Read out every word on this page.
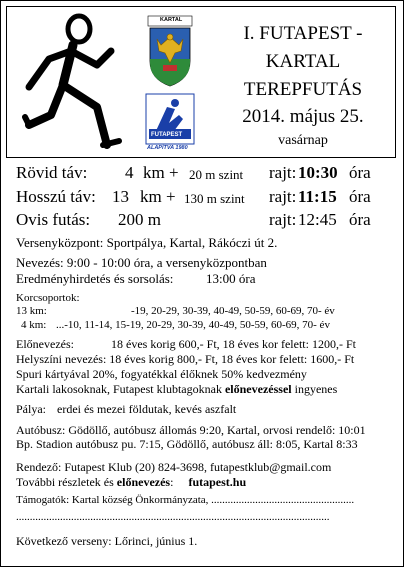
KARTAL
FUTAPEST
ALAPÍTVA 1980
I. FUTAPEST -
KARTAL
TEREPFUTÁS
2014. május 25.
vasárnap
Rövid táv: 4 km + 20 m szint rajt: 10:30 óra
Hosszú táv: 13 km + 130 m szint rajt: 11:15 óra
Ovis futás: 200 m	rajt: 12:45 óra
Versenyközpont: Sportpálya, Kartal, Rákóczi út 2.
Nevezés: 9:00 - 10:00 óra, a versenyközpontban
Eredményhirdetés és sorsolás:	13:00 óra
Korcsoportok:
13 km:	-19, 20-29, 30-39, 40-49, 50-59, 60-69, 70- év
4 km: ...-10, 11-14, 15-19, 20-29, 30-39, 40-49, 50-59, 60-69, 70- év
Előnevezés:	18 éves korig 600,- Ft, 18 éves kor felett: 1200,- Ft
Helyszíni nevezés: 18 éves korig 800,- Ft, 18 éves kor felett: 1600,- Ft
Spuri kártyával 20%, fogyatékkal élőknek 50% kedvezmény
Kartali lakosoknak, Futapest klubtagoknak előnevezéssel ingyenes
Pálya: erdei és mezei földutak, kevés aszfalt
Autóbusz: Gödöllő, autóbusz állomás 9:20, Kartal, orvosi rendelő: 10:01
Bp. Stadion autóbusz pu. 7:15, Gödöllő, autóbusz áll: 8:05, Kartal 8:33
Rendező: Futapest Klub (20) 824-3698, futapestklub@gmail.com
További részletek és előnevezés: futapest.hu
Támogatók: Kartal község Önkormányzata, ....................................................
..................................................................................................................
Következő verseny: Lőrinci, június 1.
